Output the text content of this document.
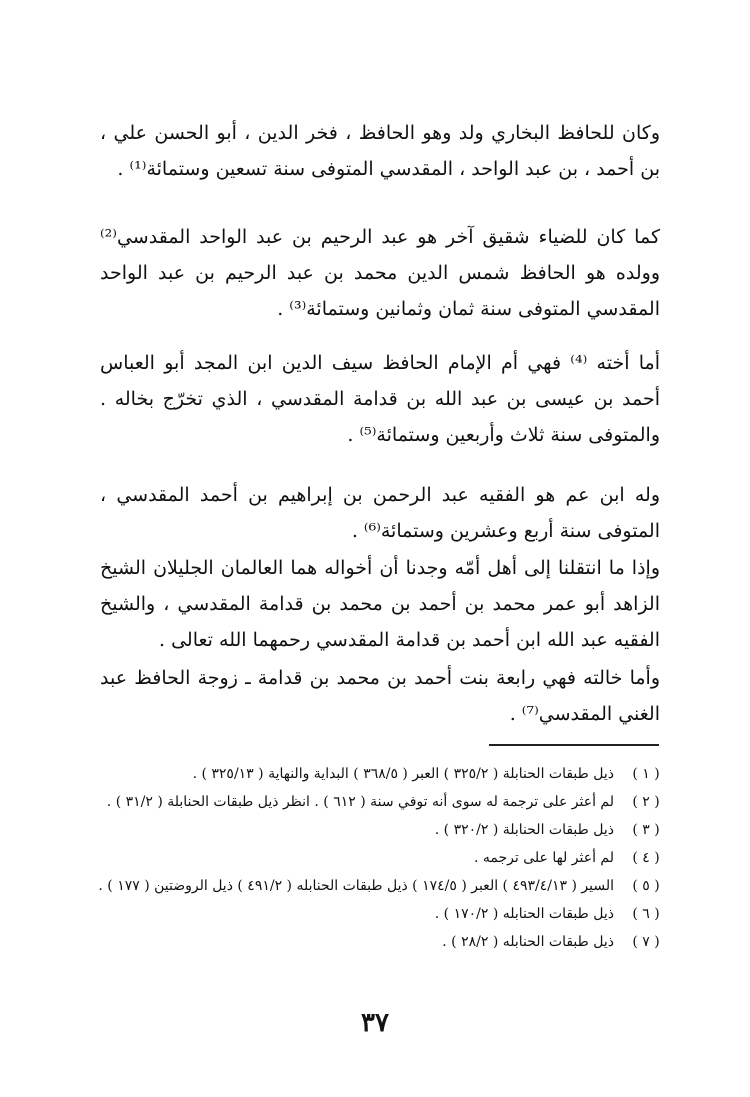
وكان للحافظ البخاري ولد وهو الحافظ ، فخر الدين ، أبو الحسن علي ، بن أحمد ، بن عبد الواحد ، المقدسي المتوفى سنة تسعين وستمائة⁽¹⁾ .

كما كان للضياء شقيق آخر هو عبد الرحيم بن عبد الواحد المقدسي⁽²⁾ وولده هو الحافظ شمس الدين محمد بن عبد الرحيم بن عبد الواحد المقدسي المتوفى سنة ثمان وثمانين وستمائة⁽³⁾ .

أما أخته ⁽⁴⁾ فهي أم الإمام الحافظ سيف الدين ابن المجد أبو العباس أحمد بن عيسى بن عبد الله بن قدامة المقدسي ، الذي تخرّج بخاله . والمتوفى سنة ثلاث وأربعين وستمائة⁽⁵⁾ .

وله ابن عم هو الفقيه عبد الرحمن بن إبراهيم بن أحمد المقدسي ، المتوفى سنة أربع وعشرين وستمائة⁽⁶⁾ .

وإذا ما انتقلنا إلى أهل أمّه وجدنا أن أخواله هما العالمان الجليلان الشيخ الزاهد أبو عمر محمد بن أحمد بن محمد بن قدامة المقدسي ، والشيخ الفقيه عبد الله ابن أحمد بن قدامة المقدسي رحمهما الله تعالى .

وأما خالته فهي رابعة بنت أحمد بن محمد بن قدامة ـ زوجة الحافظ عبد الغني المقدسي⁽⁷⁾ .

( ١ )
ذيل طبقات الحنابلة ( ٣٢٥/٢ ) العبر ( ٣٦٨/٥ ) البداية والنهاية ( ٣٢٥/١٣ ) .
( ٢ )
لم أعثر على ترجمة له سوى أنه توفي سنة ( ٦١٢ ) . انظر ذيل طبقات الحنابلة ( ٣١/٢ ) .
( ٣ )
ذيل طبقات الحنابلة ( ٣٢٠/٢ ) .
( ٤ )
لم أعثر لها على ترجمه .
( ٥ )
السير ( ٤٩٣/٤/١٣ ) العبر ( ١٧٤/٥ ) ذيل طبقات الحنابله ( ٤٩١/٢ ) ذيل الروضتين ( ١٧٧ ) .
( ٦ )
ذيل طبقات الحنابله ( ١٧٠/٢ ) .
( ٧ )
ذيل طبقات الحنابله ( ٢٨/٢ ) .
٣٧
